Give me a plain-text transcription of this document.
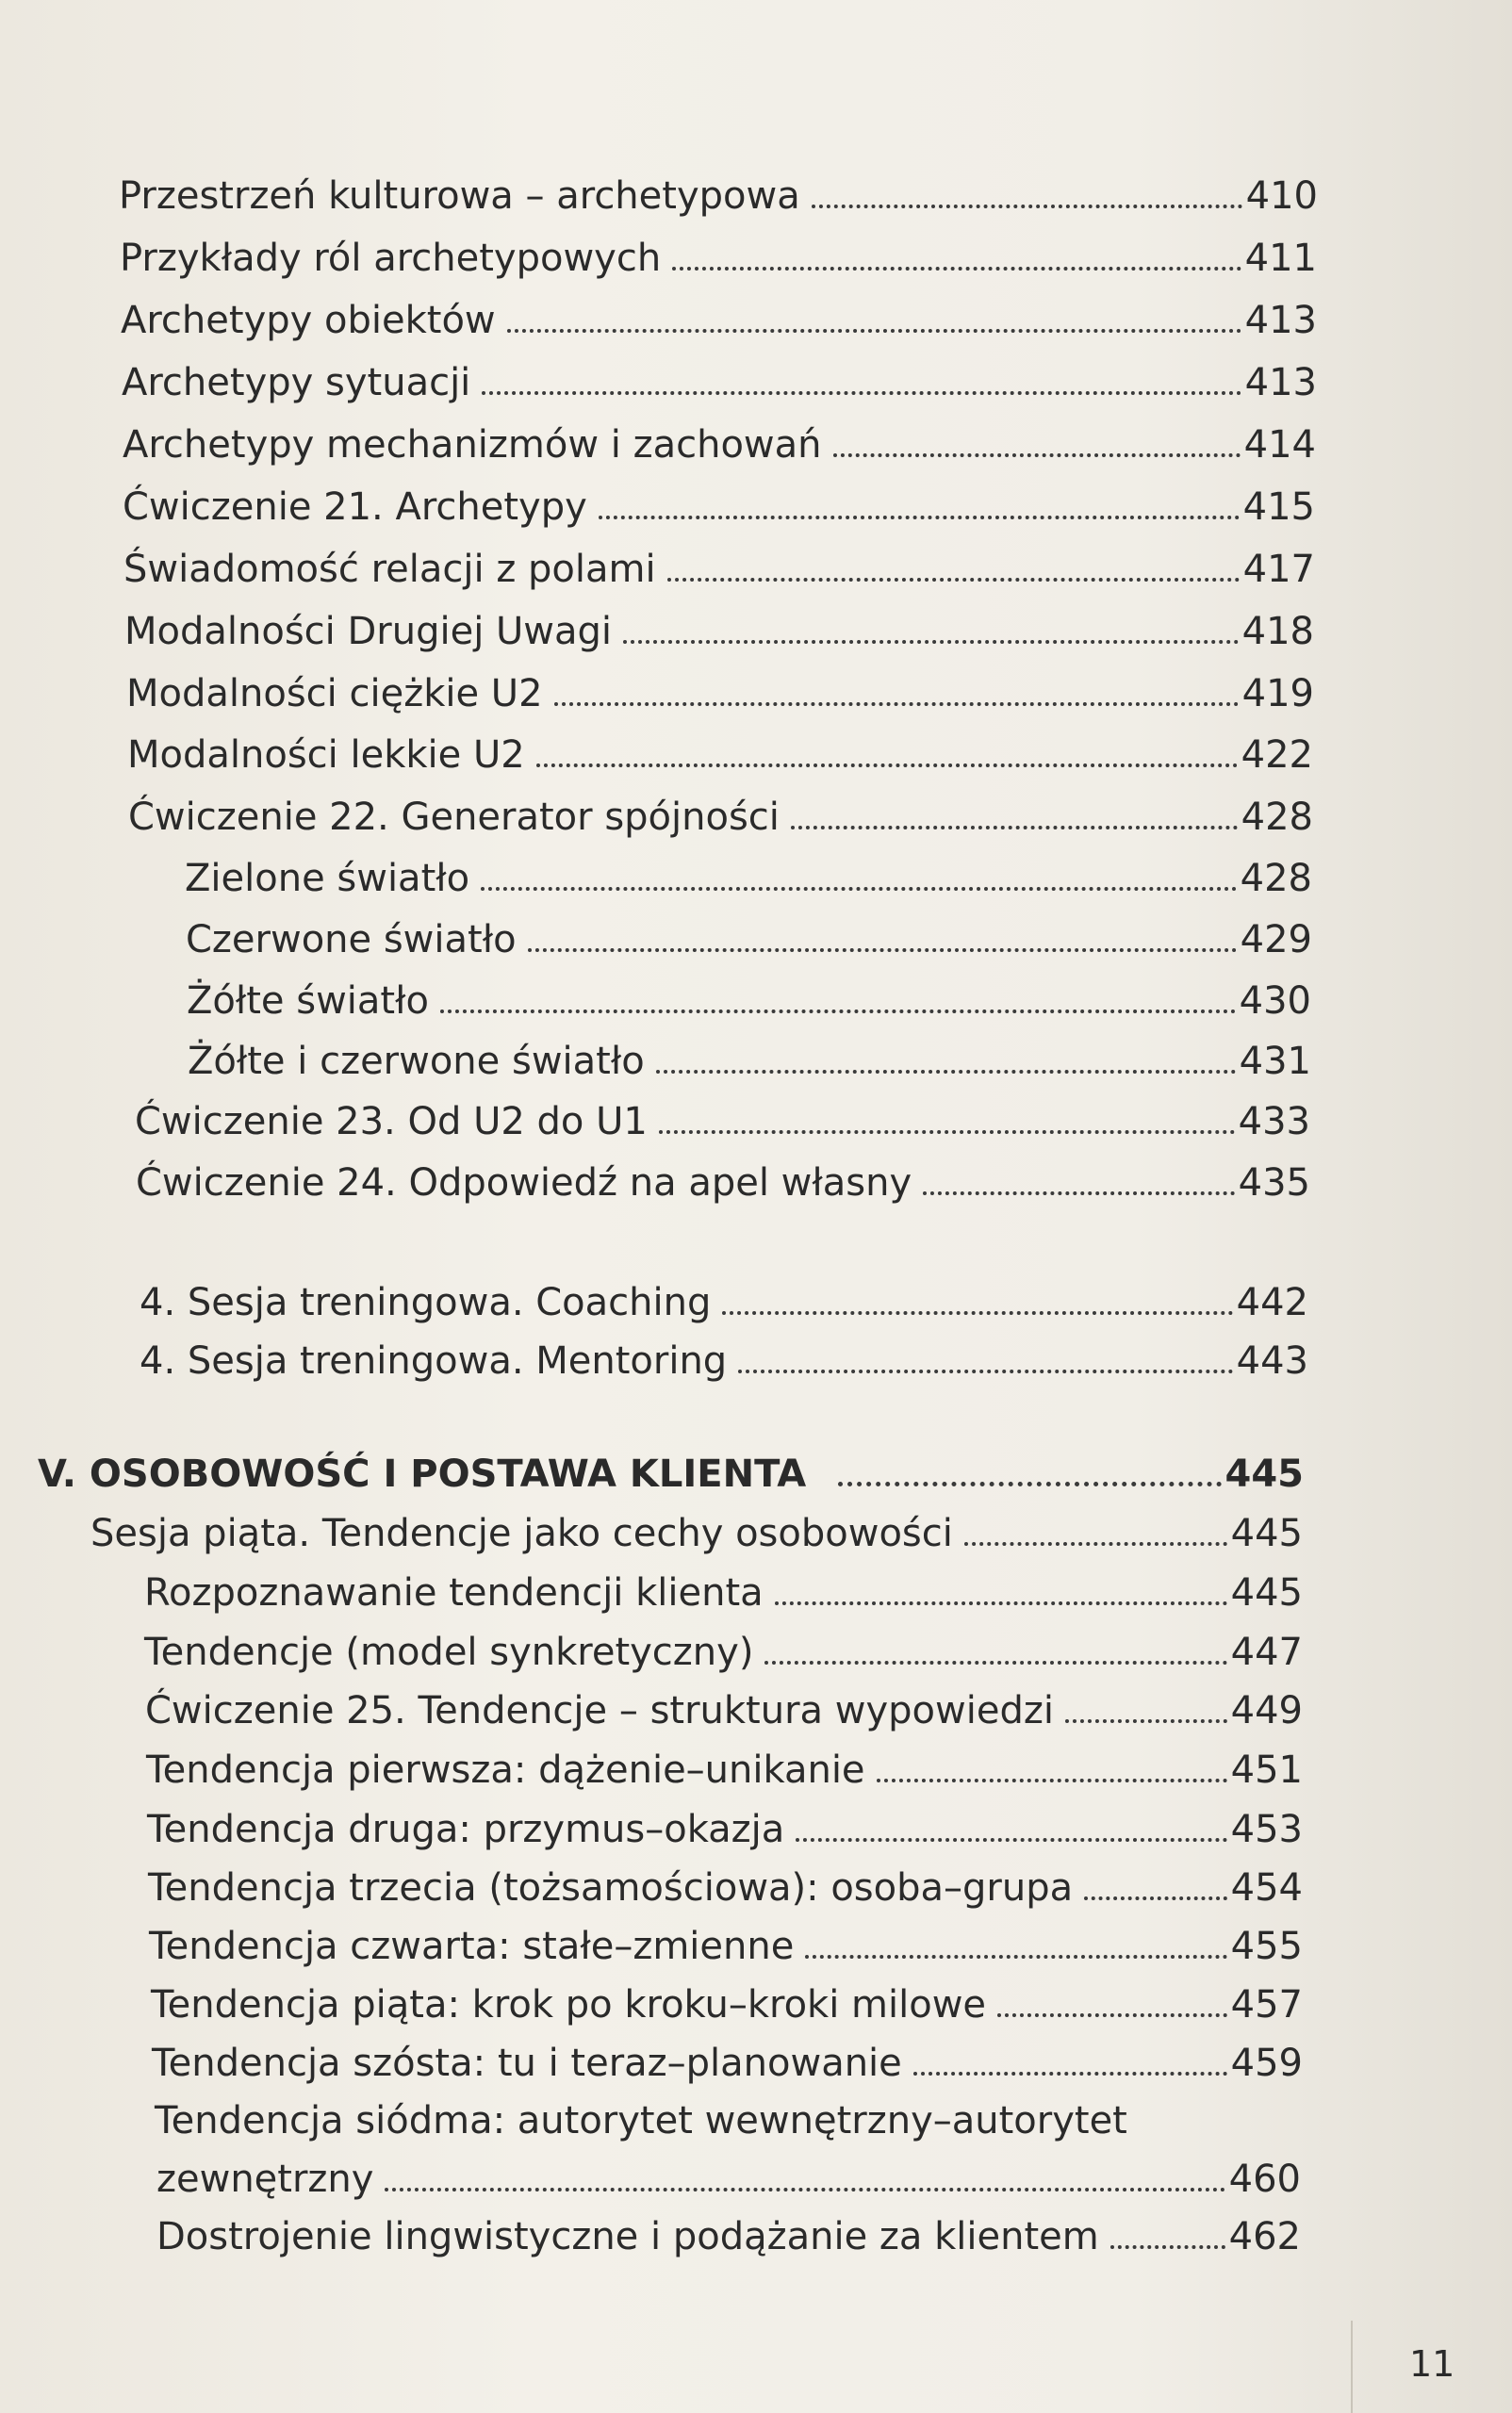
Przestrzeń kulturowa – archetypowa	410
Przykłady ról archetypowych	411
Archetypy obiektów	413
Archetypy sytuacji	413
Archetypy mechanizmów i zachowań	414
Ćwiczenie 21. Archetypy	415
Świadomość relacji z polami	417
Modalności Drugiej Uwagi	418
Modalności ciężkie U2	419
Modalności lekkie U2	422
Ćwiczenie 22. Generator spójności	428
Zielone światło	428
Czerwone światło	429
Żółte światło	430
Żółte i czerwone światło	431
Ćwiczenie 23. Od U2 do U1	433
Ćwiczenie 24. Odpowiedź na apel własny	435
4. Sesja treningowa. Coaching	442
4. Sesja treningowa. Mentoring	443
V. OSOBOWOŚĆ I POSTAWA KLIENTA	445
Sesja piąta. Tendencje jako cechy osobowości	445
Rozpoznawanie tendencji klienta	445
Tendencje (model synkretyczny)	447
Ćwiczenie 25. Tendencje – struktura wypowiedzi	449
Tendencja pierwsza: dążenie–unikanie	451
Tendencja druga: przymus–okazja	453
Tendencja trzecia (tożsamościowa): osoba–grupa	454
Tendencja czwarta: stałe–zmienne	455
Tendencja piąta: krok po kroku–kroki milowe	457
Tendencja szósta: tu i teraz–planowanie	459
Tendencja siódma: autorytet wewnętrzny–autorytet
zewnętrzny	460
Dostrojenie lingwistyczne i podążanie za klientem	462
11
